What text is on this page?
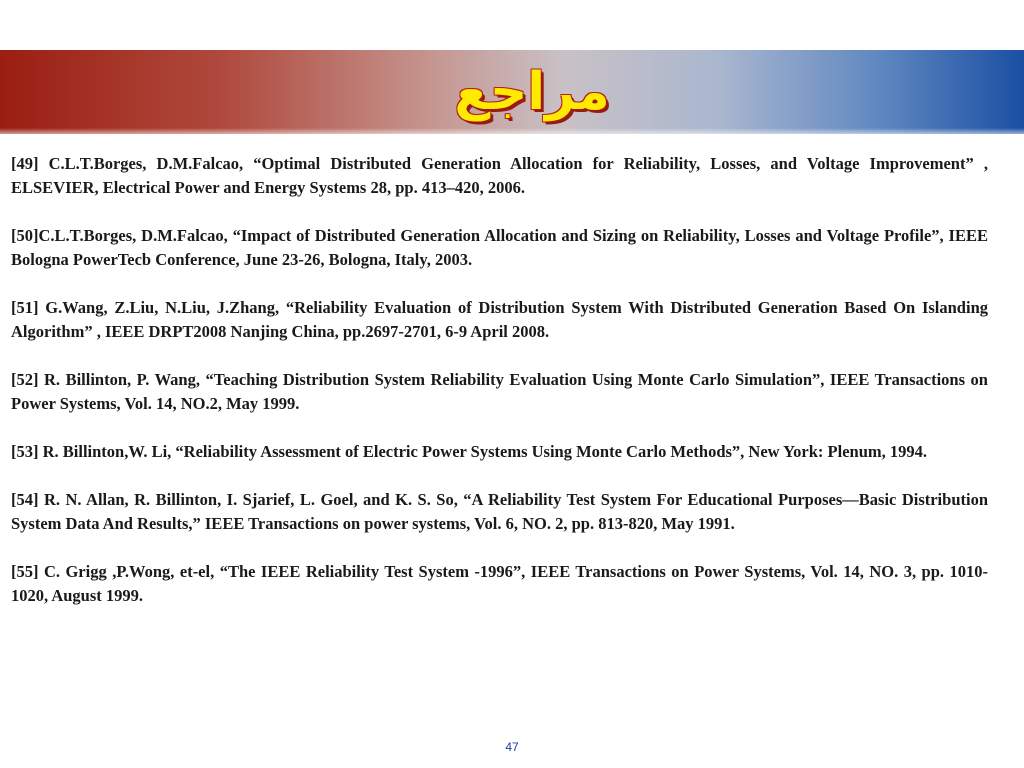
مراجع
[49] C.L.T.Borges, D.M.Falcao, “Optimal Distributed Generation Allocation for Reliability, Losses, and Voltage Improvement” , ELSEVIER, Electrical Power and Energy Systems 28, pp. 413–420, 2006.
[50]C.L.T.Borges, D.M.Falcao, “Impact of Distributed Generation Allocation and Sizing on Reliability, Losses and Voltage Profile”, IEEE Bologna PowerTecb Conference, June 23-26, Bologna, Italy, 2003.
[51] G.Wang, Z.Liu, N.Liu, J.Zhang, “Reliability Evaluation of Distribution System With Distributed Generation Based On Islanding Algorithm” , IEEE DRPT2008 Nanjing China, pp.2697-2701, 6-9 April 2008.
[52] R. Billinton, P. Wang, “Teaching Distribution System Reliability Evaluation Using Monte Carlo Simulation”, IEEE Transactions on Power Systems, Vol. 14, NO.2, May 1999.
[53] R. Billinton,W. Li, “Reliability Assessment of Electric Power Systems Using Monte Carlo Methods”, New York: Plenum, 1994.
[54] R. N. Allan, R. Billinton, I. Sjarief, L. Goel, and K. S. So, “A Reliability Test System For Educational Purposes—Basic Distribution System Data And Results,” IEEE Transactions on power systems, Vol. 6, NO. 2, pp. 813-820, May 1991.
[55] C. Grigg ,P.Wong, et-el, “The IEEE Reliability Test System -1996”, IEEE Transactions on Power Systems, Vol. 14, NO. 3, pp. 1010-1020, August 1999.
47
